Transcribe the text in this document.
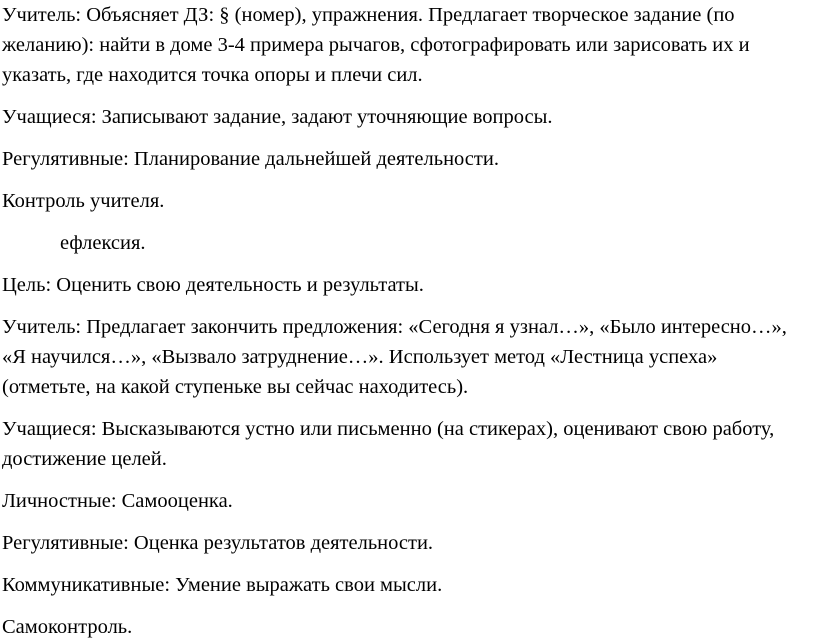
Учитель: Объясняет ДЗ: § (номер), упражнения. Предлагает творческое задание (по желанию): найти в доме 3-4 примера рычагов, сфотографировать или зарисовать их и указать, где находится точка опоры и плечи сил.

Учащиеся: Записывают задание, задают уточняющие вопросы.

Регулятивные: Планирование дальнейшей деятельности.

Контроль учителя.

ефлексия.

Цель: Оценить свою деятельность и результаты.

Учитель: Предлагает закончить предложения: «Сегодня я узнал…», «Было интересно…», «Я научился…», «Вызвало затруднение…». Использует метод «Лестница успеха» (отметьте, на какой ступеньке вы сейчас находитесь).

Учащиеся: Высказываются устно или письменно (на стикерах), оценивают свою работу, достижение целей.

Личностные: Самооценка.

Регулятивные: Оценка результатов деятельности.

Коммуникативные: Умение выражать свои мысли.

Самоконтроль.
